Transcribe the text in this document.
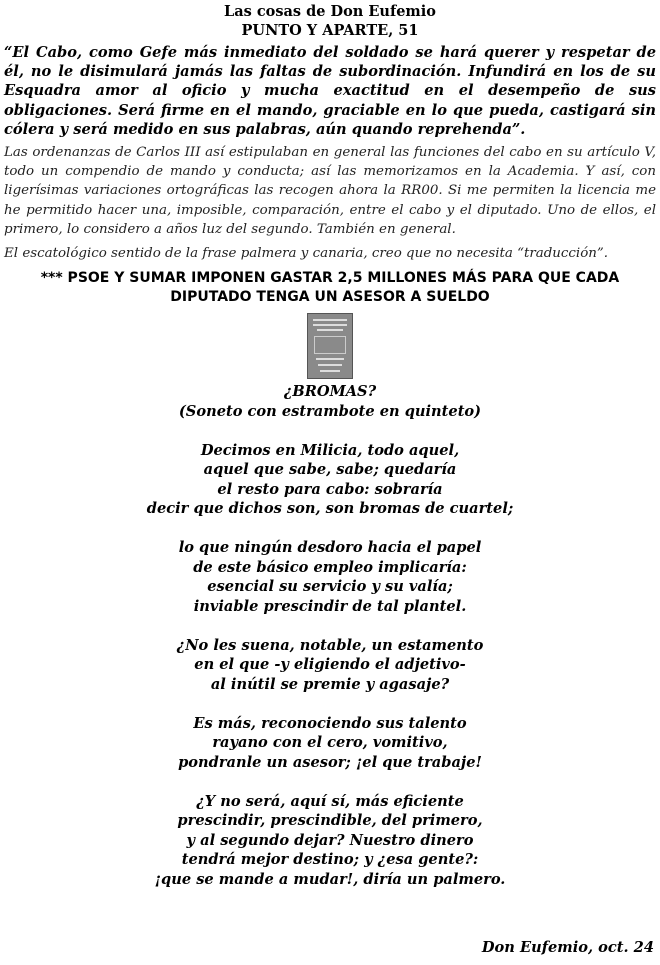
Las cosas de Don Eufemio
PUNTO Y APARTE, 51
“El Cabo, como Gefe más inmediato del soldado se hará querer y respetar de él, no le disimulará jamás las faltas de subordinación. Infundirá en los de su Esquadra amor al oficio y mucha exactitud en el desempeño de sus obligaciones. Será firme en el mando, graciable en lo que pueda, castigará sin cólera y será medido en sus palabras, aún quando reprehenda”.
Las ordenanzas de Carlos III así estipulaban en general las funciones del cabo en su artículo V, todo un compendio de mando y conducta; así las memorizamos en la Academia. Y así, con ligerísimas variaciones ortográficas las recogen ahora la RR00. Si me permiten la licencia me he permitido hacer una, imposible, comparación, entre el cabo y el diputado. Uno de ellos, el primero, lo considero a años luz del segundo. También en general.
El escatológico sentido de la frase palmera y canaria, creo que no necesita “traducción”.
*** PSOE Y SUMAR IMPONEN GASTAR 2,5 MILLONES MÁS PARA QUE CADA DIPUTADO TENGA UN ASESOR A SUELDO
¿BROMAS?
(Soneto con estrambote en quinteto)
Decimos en Milicia, todo aquel,
aquel que sabe, sabe; quedaría
el resto para cabo: sobraría
decir que dichos son, son bromas de cuartel;
lo que ningún desdoro hacia el papel
de este básico empleo implicaría:
esencial su servicio y su valía;
inviable prescindir de tal plantel.
¿No les suena, notable, un estamento
en el que -y eligiendo el adjetivo-
al inútil se premie y agasaje?
Es más, reconociendo sus talento
rayano con el cero, vomitivo,
pondranle un asesor; ¡el que trabaje!
¿Y no será, aquí sí, más eficiente
prescindir, prescindible, del primero,
y al segundo dejar? Nuestro dinero
tendrá mejor destino; y ¿esa gente?:
¡que se mande a mudar!, diría un palmero.
Don Eufemio, oct. 24
